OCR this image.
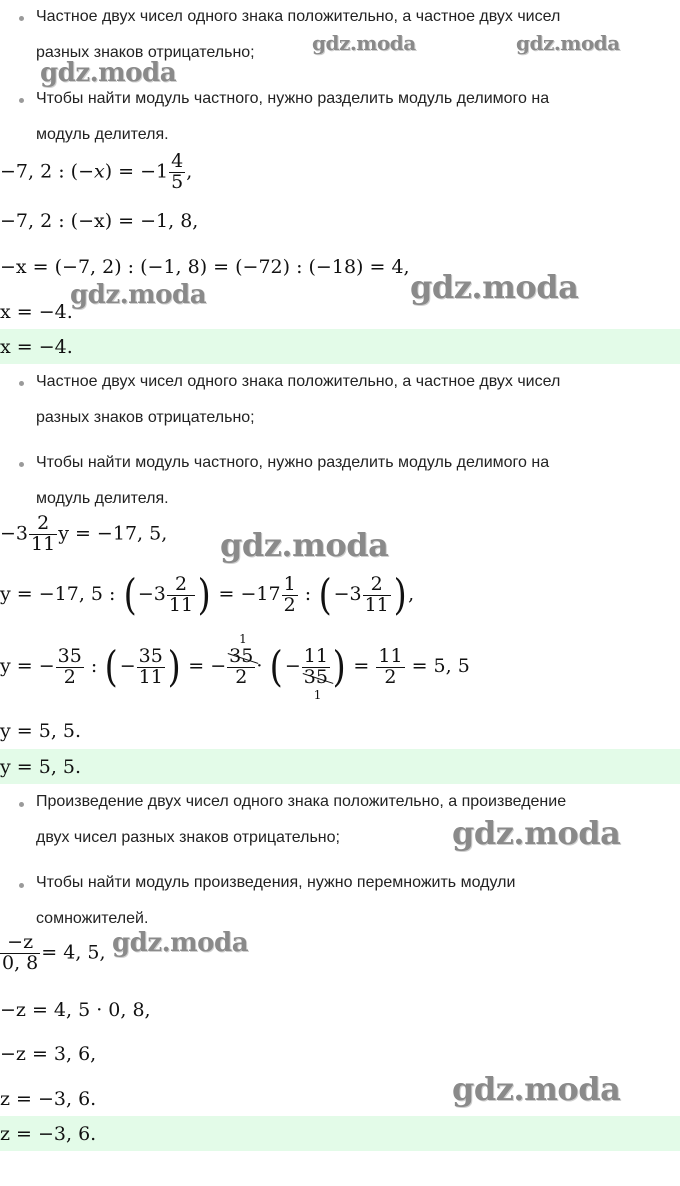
Частное двух чисел одного знака положительно, а частное двух чисел
разных знаков отрицательно;
Чтобы найти модуль частного, нужно разделить модуль делимого на
модуль делителя.
−7, 2 : $(-x) = -1 \frac{4}{5}$ ,
−7, 2 : (−x) = −1, 8,
−x = (−7, 2) : (−1, 8) = (−72) : (−18) = 4,
x = −4.
x = −4.
Частное двух чисел одного знака положительно, а частное двух чисел
разных знаков отрицательно;
Чтобы найти модуль частного, нужно разделить модуль делимого на
модуль делителя.
$-3 \frac{2}{11}$ y = −17, 5,
y = −17, 5 : ($-3 \frac{2}{11}$ ) = $-17 \frac{1}{2}$ : ($-3 \frac{2}{11}$ ),
y = − $\frac{35}{2}$ : (− $\frac{35}{11}$ ) = −
1
35
2 · (− 11
35
1
) = $\frac{11}{2} = 5$, 5
y = 5, 5.
y = 5, 5.
Произведение двух чисел одного знака положительно, а произведение
двух чисел разных знаков отрицательно;
Чтобы найти модуль произведения, нужно перемножить модули
сомножителей.
$\frac{-z}{0, 8} = 4$, 5,
−z = 4, 5 · 0, 8,
−z = 3, 6,
z = −3, 6.
z = −3, 6.
gdz.moda	gdz.moda
gdz.moda
gdz.moda	gdz.moda
gdz.moda
gdz.moda
gdz.moda
gdz.moda
